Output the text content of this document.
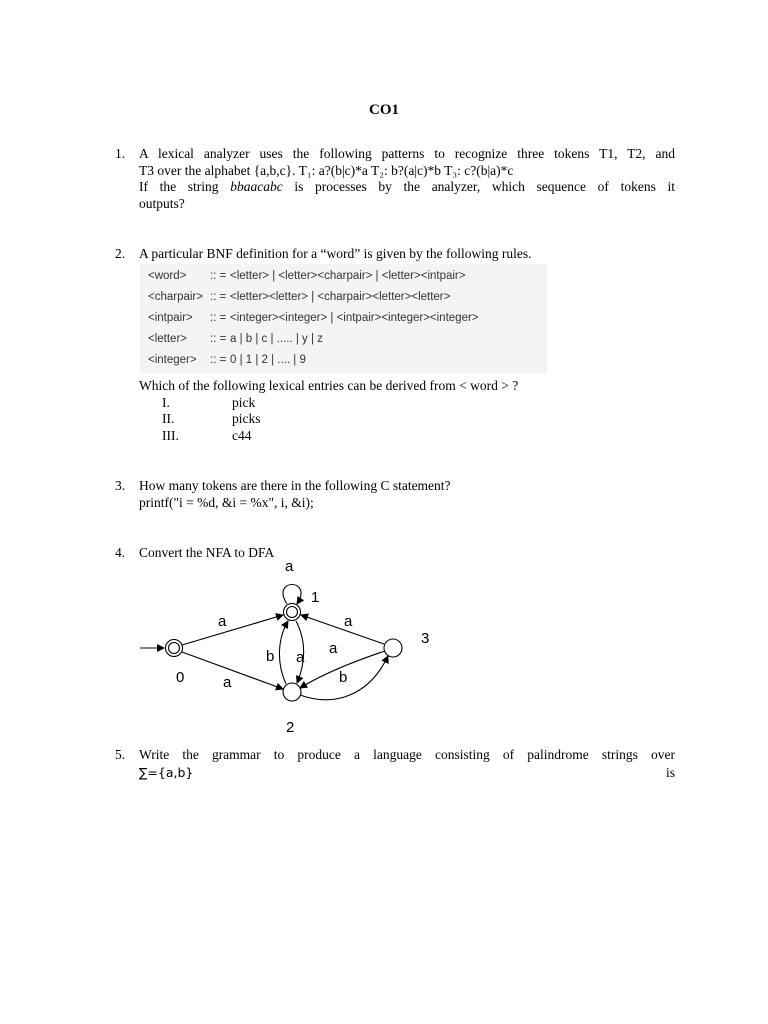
CO1
1.	A lexical analyzer uses the following patterns to recognize three tokens T1, T2, and
T3 over the alphabet {a,b,c}. T₁: a?(b|c)*a T₂: b?(a|c)*b T₃: c?(b|a)*c
If the string bbaacabc is processes by the analyzer, which sequence of tokens it
outputs?
2.	A particular BNF definition for a “word” is given by the following rules.
<word> :: = <letter> | <letter><charpair> | <letter><intpair>
<charpair> :: = <letter><letter> | <charpair><letter><letter>
<intpair> :: = <integer><integer> | <intpair><integer><integer>
<letter> :: = a | b | c | ..... | y | z
<integer> :: = 0 | 1 | 2 | .... | 9
Which of the following lexical entries can be derived from < word > ?
I.	pick
II.	picks
III.	c44
3.	How many tokens are there in the following C statement?
printf("i = %d, &i = %x", i, &i);
4.	Convert the NFA to DFA
0
1
2
3
a
a
a
a
b a
a
b
5.	Write the grammar to produce a language consisting of palindrome strings over
∑={a,b}	is
